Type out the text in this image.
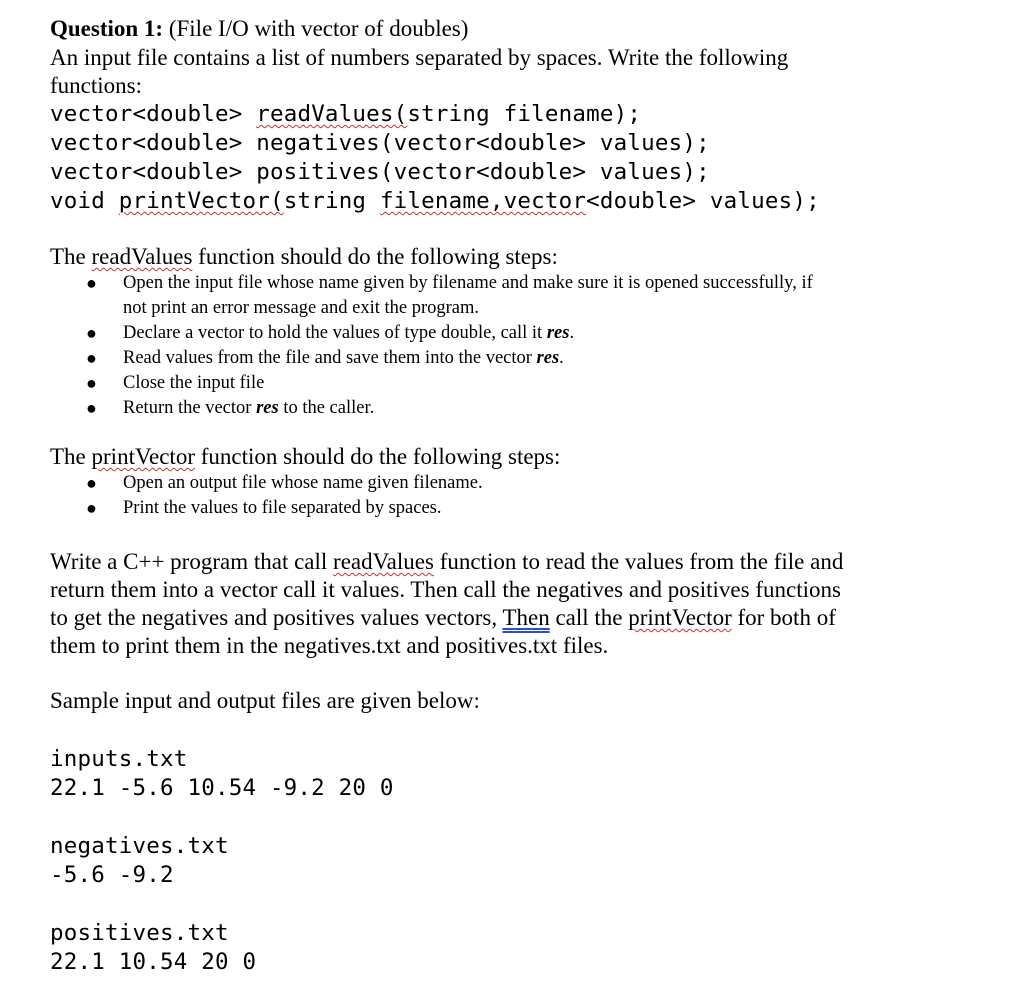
Question 1: (File I/O with vector of doubles)

An input file contains a list of numbers separated by spaces. Write the following

functions:

vector<double> readValues(string filename);

vector<double> negatives(vector<double> values);

vector<double> positives(vector<double> values);

void printVector(string filename,vector<double> values);

The readValues function should do the following steps:

● Open the input file whose name given by filename and make sure it is opened successfully, if
not print an error message and exit the program.
● Declare a vector to hold the values of type double, call it res.
● Read values from the file and save them into the vector res.
● Close the input file
● Return the vector res to the caller.

The printVector function should do the following steps:

● Open an output file whose name given filename.
● Print the values to file separated by spaces.

Write a C++ program that call readValues function to read the values from the file and

return them into a vector call it values. Then call the negatives and positives functions

to get the negatives and positives values vectors, Then call the printVector for both of

them to print them in the negatives.txt and positives.txt files.

Sample input and output files are given below:

inputs.txt

22.1 -5.6 10.54 -9.2 20 0

negatives.txt

-5.6 -9.2

positives.txt

22.1 10.54 20 0
